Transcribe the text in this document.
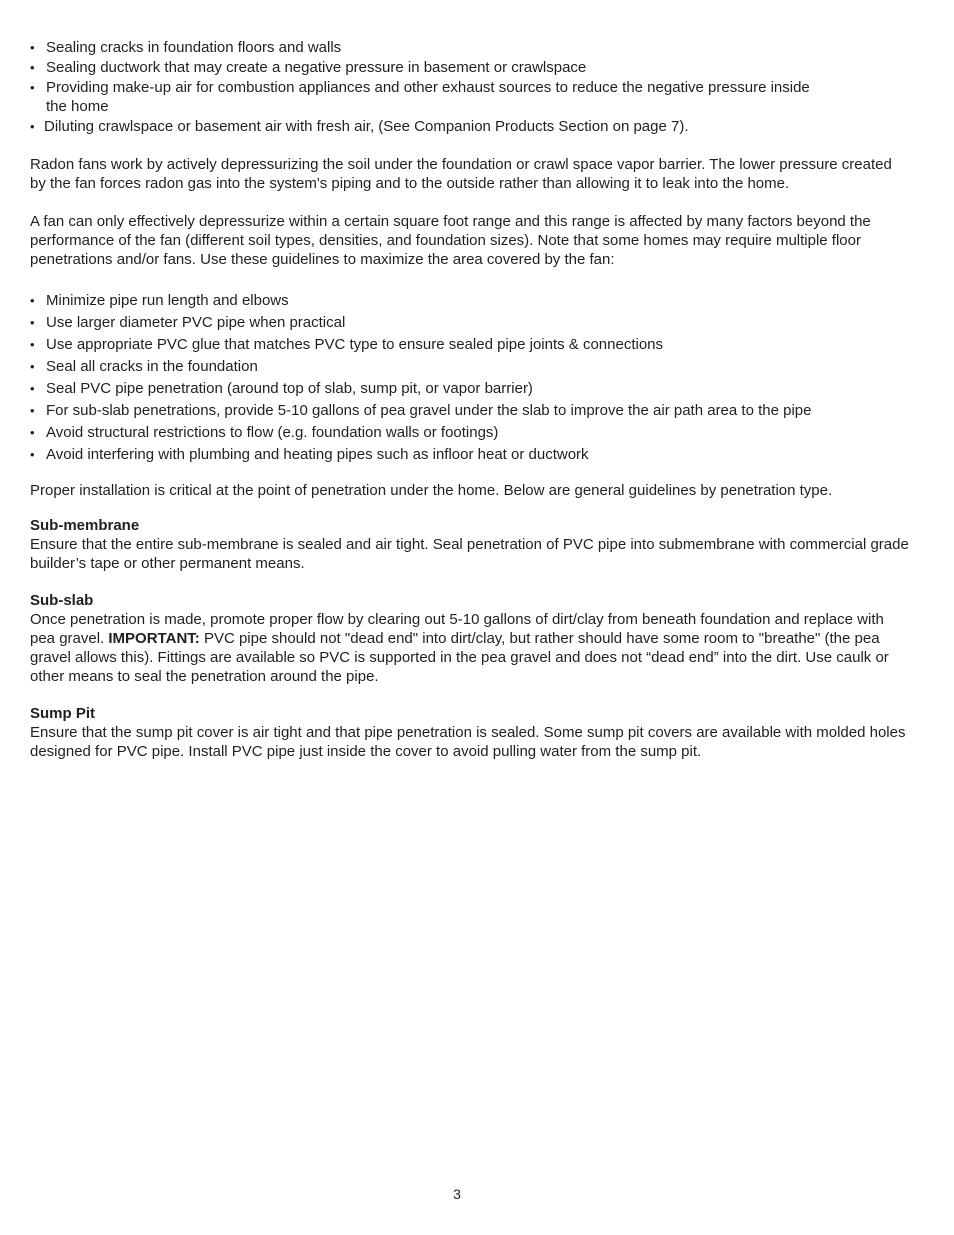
• Sealing cracks in foundation floors and walls
• Sealing ductwork that may create a negative pressure in basement or crawlspace
• Providing make-up air for combustion appliances and other exhaust sources to reduce the negative pressure inside the home
• Diluting crawlspace or basement air with fresh air, (See Companion Products Section on page 7).

Radon fans work by actively depressurizing the soil under the foundation or crawl space vapor barrier. The lower pressure created by the fan forces radon gas into the system's piping and to the outside rather than allowing it to leak into the home.

A fan can only effectively depressurize within a certain square foot range and this range is affected by many factors beyond the performance of the fan (different soil types, densities, and foundation sizes). Note that some homes may require multiple floor penetrations and/or fans. Use these guidelines to maximize the area covered by the fan:

• Minimize pipe run length and elbows
• Use larger diameter PVC pipe when practical
• Use appropriate PVC glue that matches PVC type to ensure sealed pipe joints & connections
• Seal all cracks in the foundation
• Seal PVC pipe penetration (around top of slab, sump pit, or vapor barrier)
• For sub-slab penetrations, provide 5-10 gallons of pea gravel under the slab to improve the air path area to the pipe
• Avoid structural restrictions to flow (e.g. foundation walls or footings)
• Avoid interfering with plumbing and heating pipes such as infloor heat or ductwork

Proper installation is critical at the point of penetration under the home. Below are general guidelines by penetration type.

Sub-membrane

Ensure that the entire sub-membrane is sealed and air tight. Seal penetration of PVC pipe into submembrane with commercial grade builder’s tape or other permanent means.

Sub-slab

Once penetration is made, promote proper flow by clearing out 5-10 gallons of dirt/clay from beneath foundation and replace with pea gravel. IMPORTANT: PVC pipe should not "dead end" into dirt/clay, but rather should have some room to "breathe" (the pea gravel allows this). Fittings are available so PVC is supported in the pea gravel and does not “dead end” into the dirt. Use caulk or other means to seal the penetration around the pipe.

Sump Pit

Ensure that the sump pit cover is air tight and that pipe penetration is sealed. Some sump pit covers are available with molded holes designed for PVC pipe. Install PVC pipe just inside the cover to avoid pulling water from the sump pit.

3
